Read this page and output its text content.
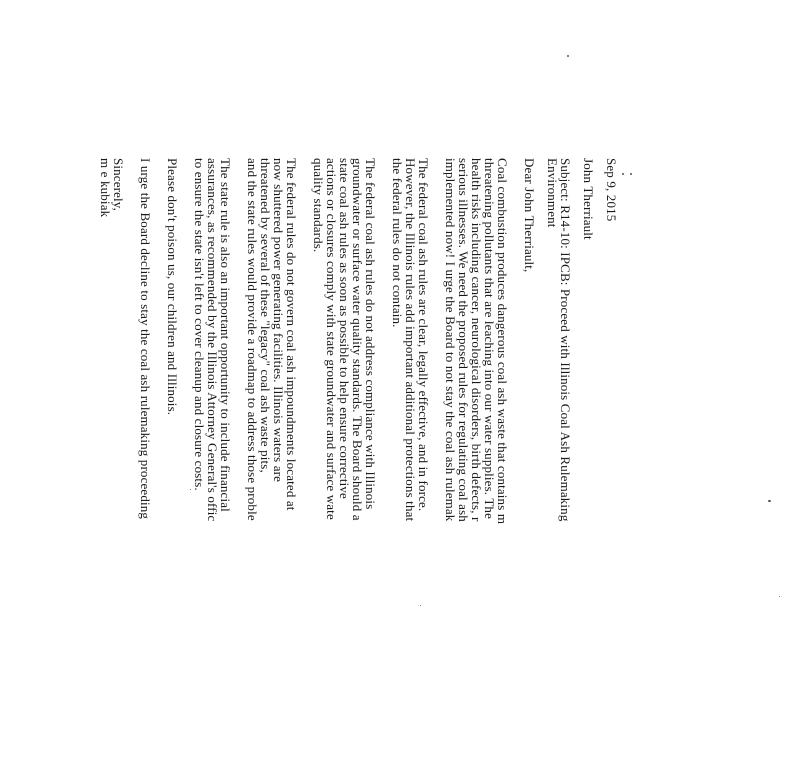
Sep 9, 2015

John Therriault

Subject: R14-10: IPCB: Proceed with Illinois Coal Ash Rulemaking

Environment

Dear John Therriault,

Coal combustion produces dangerous coal ash waste that contains m

threatening pollutants that are leaching into our water supplies. The

health risks including cancer, neurological disorders, birth defects, r

serious illnesses. We need the proposed rules for regulating coal ash

implemented now! I urge the Board to not stay the coal ash rulemak

The federal coal ash rules are clear, legally effective, and in force.

However, the Illinois rules add important additional protections that

the federal rules do not contain.

The federal coal ash rules do not address compliance with Illinois

groundwater or surface water quality standards. The Board should a

state coal ash rules as soon as possible to help ensure corrective

actions or closures comply with state groundwater and surface wate

quality standards.

The federal rules do not govern coal ash impoundments located at

now shuttered power generating facilities. Illinois waters are

threatened by several of these "legacy" coal ash waste pits,

and the state rules would provide a roadmap to address those proble

The state rule is also an important opportunity to include financial

assurances, as recommended by the Illinois Attorney General's offic

to ensure the state isn't left to cover cleanup and closure costs.

Please don't poison us, our children and Illinois.

I urge the Board decline to stay the coal ash rulemaking proceeding

Sincerely,

m e kubiak
